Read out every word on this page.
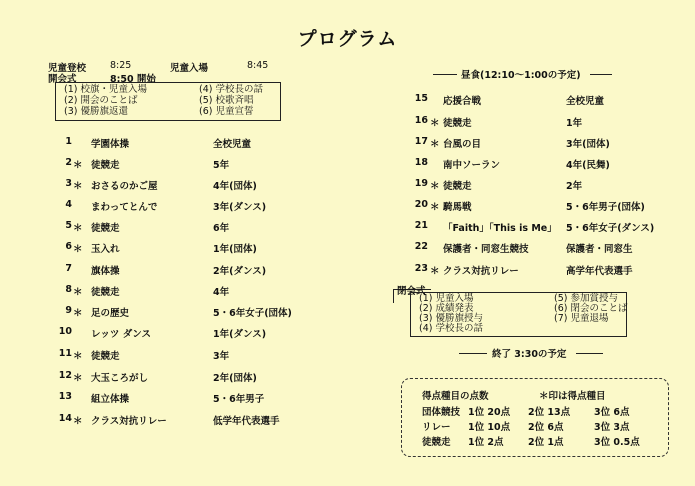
プログラム
児童登校	8:25	児童入場	8:45
開会式	8:50 開始
(1) 校旗・児童入場
(2) 開会のことば
(3) 優勝旗返還
(4) 学校長の話
(5) 校歌斉唱
(6) 児童宣誓
1 学園体操	全校児童
2 ＊ 徒競走	5年
3 ＊ おさるのかご屋	4年(団体)
4 まわってとんで	3年(ダンス)
5 ＊ 徒競走	6年
6 ＊ 玉入れ	1年(団体)
7 旗体操	2年(ダンス)
8 ＊ 徒競走	4年
9 ＊ 足の歴史	5・6年女子(団体)
10 レッツ ダンス	1年(ダンス)
11 ＊ 徒競走	3年
12 ＊ 大玉ころがし	2年(団体)
13 組立体操	5・6年男子
14 ＊ クラス対抗リレー	低学年代表選手
昼食(12:10～1:00の予定)
15 応援合戦	全校児童
16 ＊ 徒競走	1年
17 ＊ 台風の目	3年(団体)
18 南中ソーラン	4年(民舞)
19 ＊ 徒競走	2年
20 ＊ 騎馬戦	5・6年男子(団体)
21 「Faith」「This is Me」 5・6年女子(ダンス)
22 保護者・同窓生競技	保護者・同窓生
23 ＊ クラス対抗リレー	高学年代表選手
閉会式
(1) 児童入場
(2) 成績発表
(3) 優勝旗授与
(4) 学校長の話
(5) 参加賞授与
(6) 閉会のことば
(7) 児童退場
終了 3:30の予定
得点種目の点数	＊印は得点種目
団体競技 1位 20点 2位 13点	3位 6点
リレー 1位 10点 2位 6点	3位 3点
徒競走 1位 2点	2位 1点	3位 0.5点
